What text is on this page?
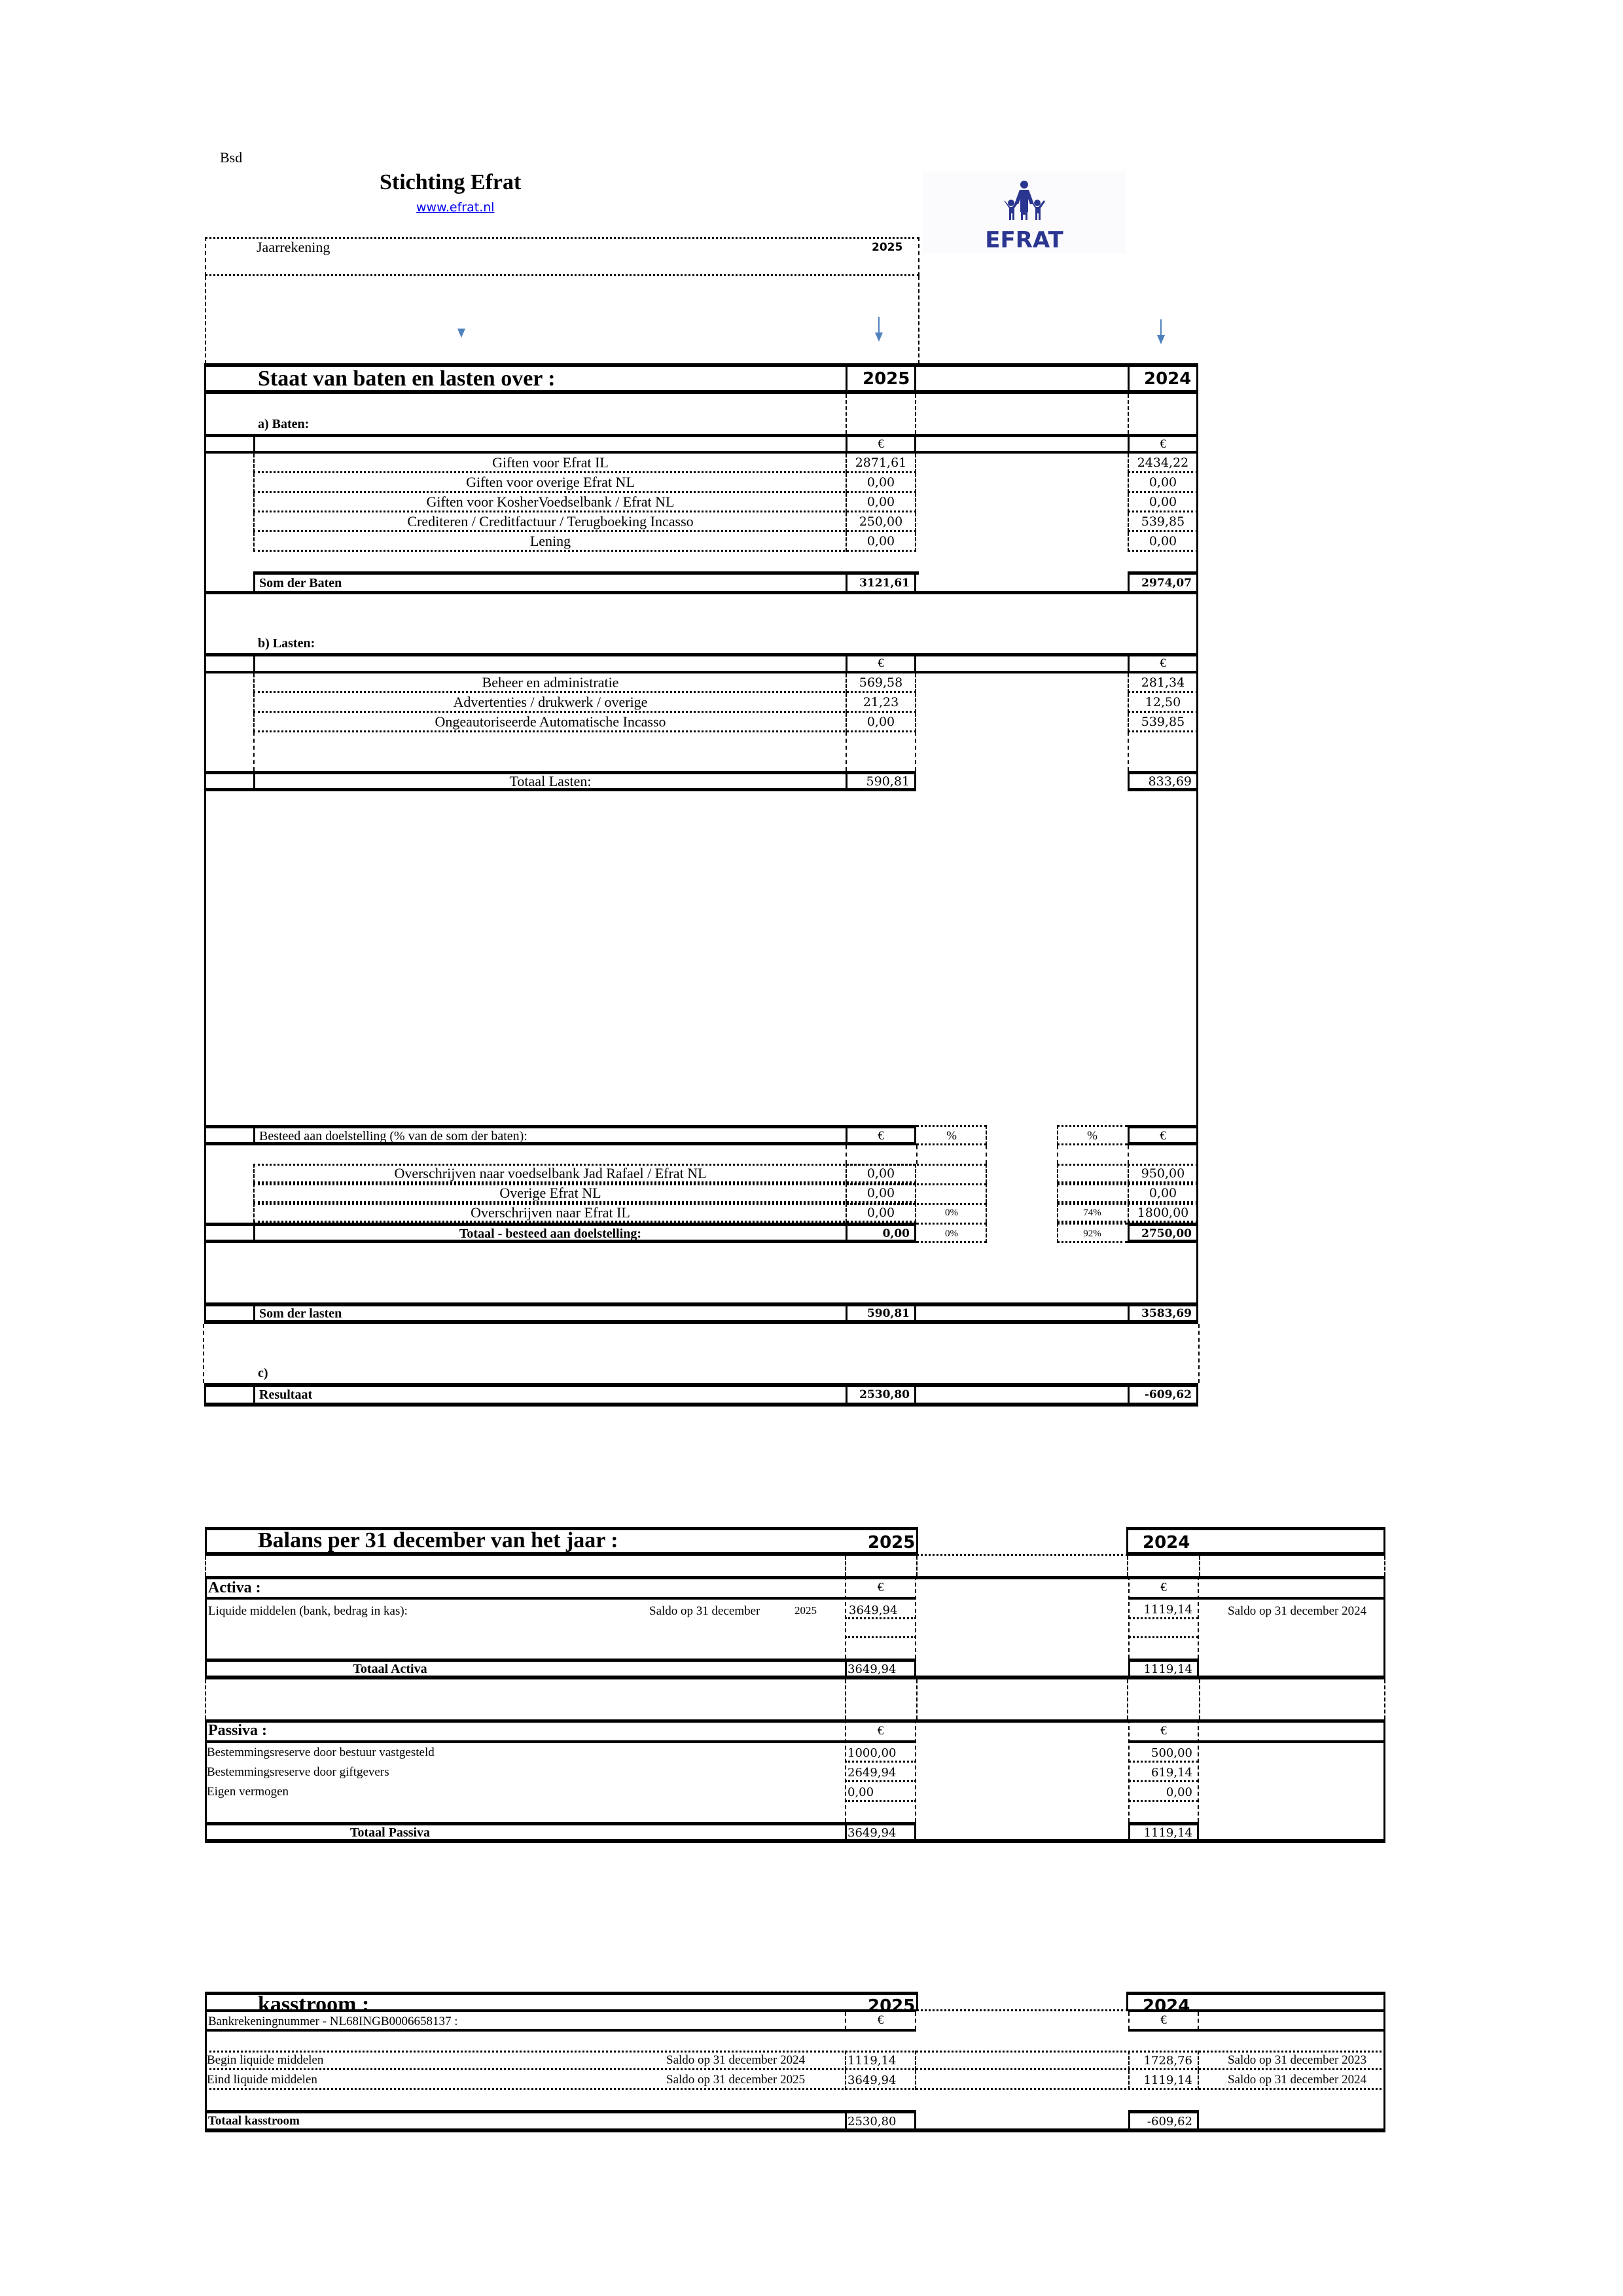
Bsd
Stichting Efrat
www.efrat.nl
EFRAT
Jaarrekening	2025
Staat van baten en lasten over :	2025	2024
a) Baten:
€	€
Giften voor Efrat IL	2871,61	2434,22
Giften voor overige Efrat NL	0,00	0,00
Giften voor KosherVoedselbank / Efrat NL	0,00	0,00
Crediteren / Creditfactuur / Terugboeking Incasso	250,00	539,85
Lening	0,00	0,00
Som der Baten	3121,61	2974,07
b) Lasten:
€	€
Beheer en administratie	569,58	281,34
Advertenties / drukwerk / overige	21,23	12,50
Ongeautoriseerde Automatische Incasso	0,00	539,85
Totaal Lasten:	590,81	833,69
Besteed aan doelstelling (% van de som der baten):	€	%	%	€
Overschrijven naar voedselbank Jad Rafael / Efrat NL	0,00	950,00
Overige Efrat NL	0,00	0,00
Overschrijven naar Efrat IL	0,00	0%	74%	1800,00
Totaal - besteed aan doelstelling:	0,00	0%	92%	2750,00
Som der lasten	590,81	3583,69
c)
Resultaat	2530,80	-609,62
Balans per 31 december van het jaar :	2025	2024
Activa :	€	€
Liquide middelen (bank, bedrag in kas):	Saldo op 31 december	2025	3649,94	1119,14	Saldo op 31 december 2024
Totaal Activa	3649,94	1119,14
Passiva :	€	€
Bestemmingsreserve door bestuur vastgesteld	1000,00	500,00
Bestemmingsreserve door giftgevers	2649,94	619,14
Eigen vermogen	0,00	0,00
Totaal Passiva	3649,94	1119,14
kasstroom :	2025	2024
Bankrekeningnummer - NL68INGB0006658137 :	€	€
Begin liquide middelen	Saldo op 31 december 2024	1119,14	1728,76	Saldo op 31 december 2023
Eind liquide middelen	Saldo op 31 december 2025	3649,94	1119,14	Saldo op 31 december 2024
Totaal kasstroom	2530,80	-609,62
